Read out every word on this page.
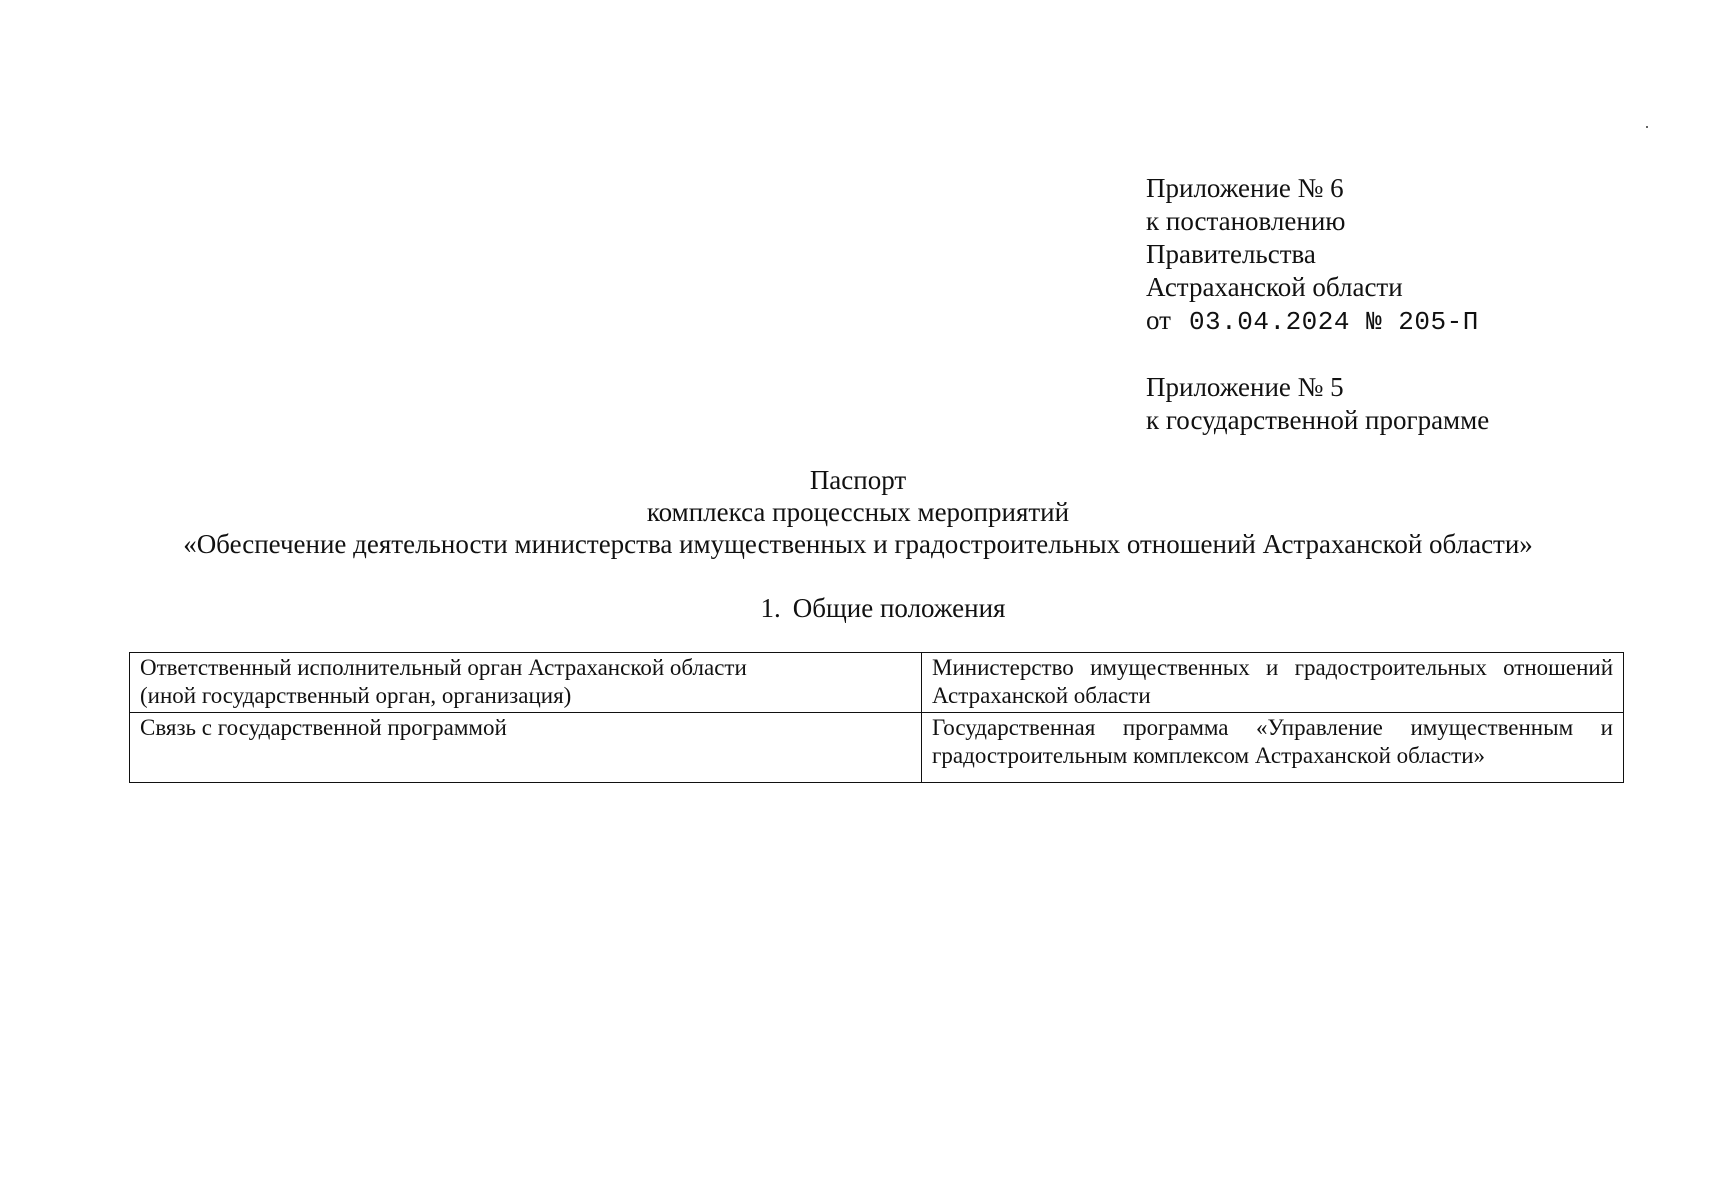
Приложение № 6
к постановлению
Правительства
Астраханской области
от 03.04.2024 № 205-П
Приложение № 5
к государственной программе
Паспорт
комплекса процессных мероприятий
«Обеспечение деятельности министерства имущественных и градостроительных отношений Астраханской области»
1. Общие положения
Ответственный исполнительный орган Астраханской области
(иной государственный орган, организация)	Министерство имущественных и градостроительных отношений Астраханской области

Связь с государственной программой	Государственная программа «Управление имущественным и градостроительным комплексом Астраханской области»
